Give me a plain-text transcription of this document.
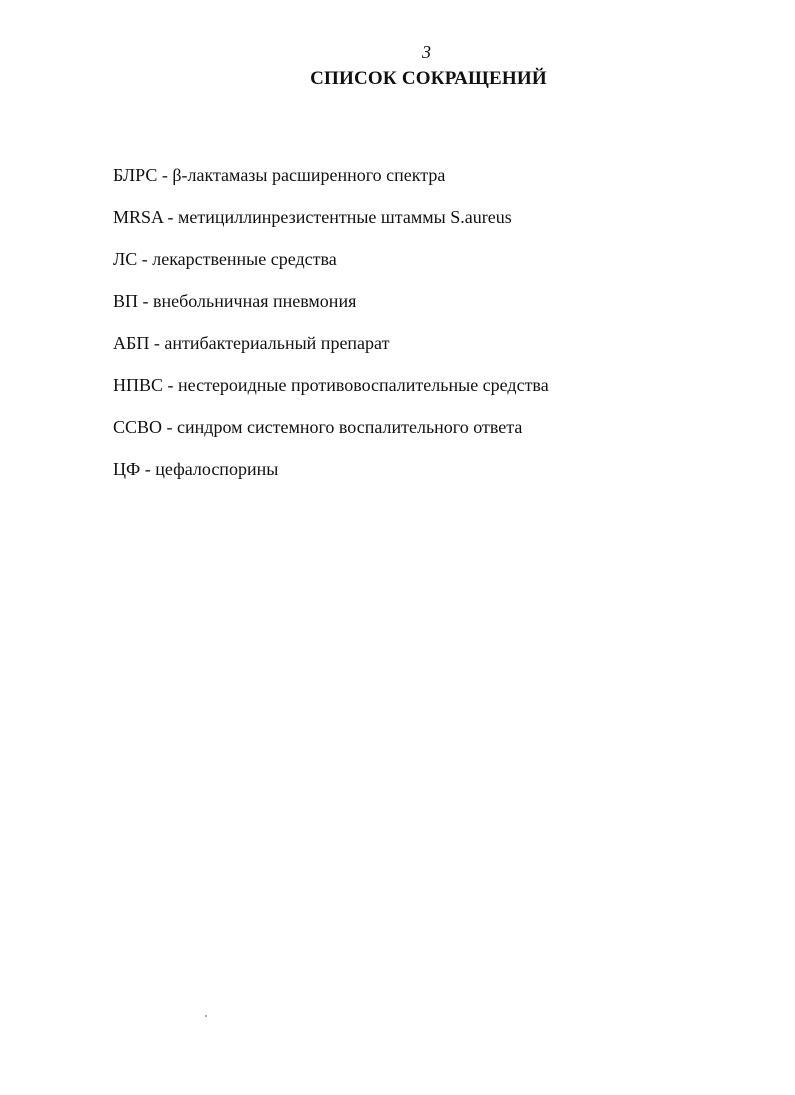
3
СПИСОК СОКРАЩЕНИЙ
БЛРС - β-лактамазы расширенного спектра
MRSA - метициллинрезистентные штаммы S.aureus
ЛС - лекарственные средства
ВП - внебольничная пневмония
АБП - антибактериальный препарат
НПВС - нестероидные противовоспалительные средства
ССВО - синдром системного воспалительного ответа
ЦФ - цефалоспорины
